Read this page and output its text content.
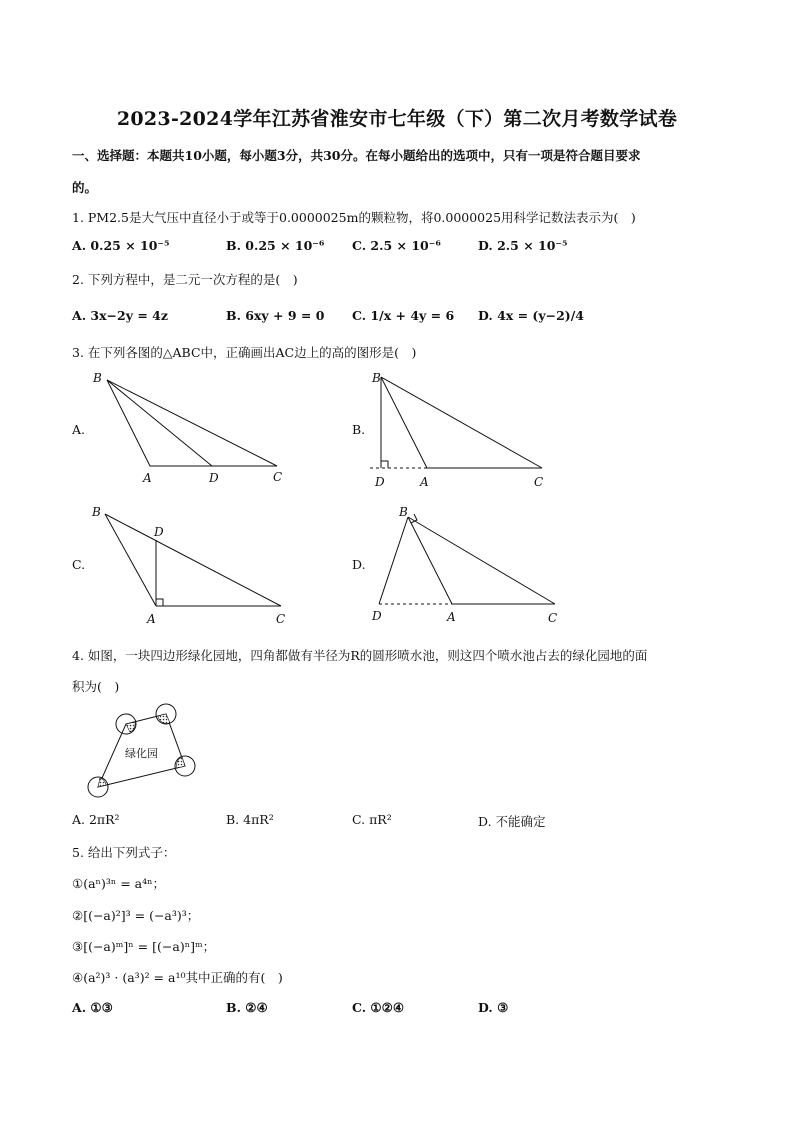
2023-2024学年江苏省淮安市七年级（下）第二次月考数学试卷
一、选择题：本题共10小题，每小题3分，共30分。在每小题给出的选项中，只有一项是符合题目要求
的。
1. PM2.5是大气压中直径小于或等于0.0000025m的颗粒物，将0.0000025用科学记数法表示为(　)
A. 0.25 × 10⁻⁵	B. 0.25 × 10⁻⁶ C. 2.5 × 10⁻⁶	D. 2.5 × 10⁻⁵
2. 下列方程中，是二元一次方程的是(　)
A. 3x−2y = 4z	B. 6xy + 9 = 0 C. 1/x + 4y = 6 D. 4x = (y−2)/4
3. 在下列各图的△ABC中，正确画出AC边上的高的图形是(　)
A.	B.
C.	D.
B
A	D	C
B
D	A	C
B
D
A	C
B
D	A	C
4. 如图，一块四边形绿化园地，四角都做有半径为R的圆形喷水池，则这四个喷水池占去的绿化园地的面
积为(　)
绿化园
A. 2πR²	B. 4πR²	C. πR²	D. 不能确定
5. 给出下列式子：
①(aⁿ)³ⁿ = a⁴ⁿ；
②[(−a)²]³ = (−a³)³；
③[(−a)ᵐ]ⁿ = [(−a)ⁿ]ᵐ；
④(a²)³ · (a³)² = a¹⁰其中正确的有(　)
A. ①③	B. ②④	C. ①②④	D. ③
